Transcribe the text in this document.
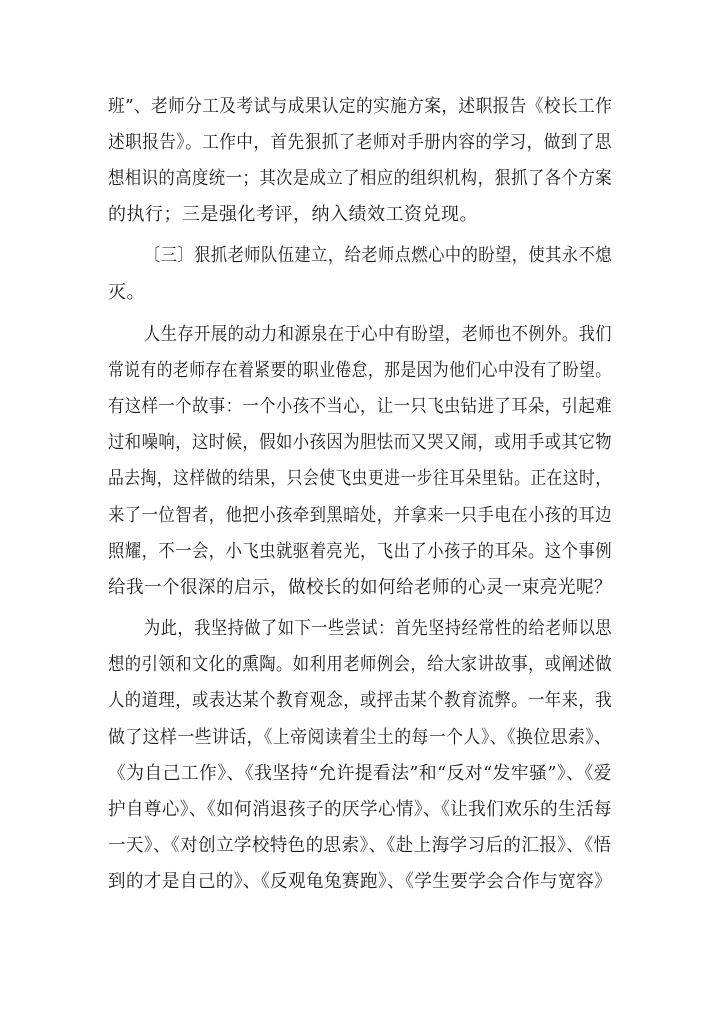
班”、老师分工及考试与成果认定的实施方案，述职报告《校长工作
述职报告》。工作中，首先狠抓了老师对手册内容的学习，做到了思
想相识的高度统一；其次是成立了相应的组织机构，狠抓了各个方案
的执行；三是强化考评，纳入绩效工资兑现。
〔三〕狠抓老师队伍建立，给老师点燃心中的盼望，使其永不熄
灭。
人生存开展的动力和源泉在于心中有盼望，老师也不例外。我们
常说有的老师存在着紧要的职业倦怠，那是因为他们心中没有了盼望。
有这样一个故事：一个小孩不当心，让一只飞虫钻进了耳朵，引起难
过和噪响，这时候，假如小孩因为胆怯而又哭又闹，或用手或其它物
品去掏，这样做的结果，只会使飞虫更进一步往耳朵里钻。正在这时，
来了一位智者，他把小孩牵到黑暗处，并拿来一只手电在小孩的耳边
照耀，不一会，小飞虫就驱着亮光，飞出了小孩子的耳朵。这个事例
给我一个很深的启示，做校长的如何给老师的心灵一束亮光呢？
为此，我坚持做了如下一些尝试：首先坚持经常性的给老师以思
想的引领和文化的熏陶。如利用老师例会，给大家讲故事，或阐述做
人的道理，或表达某个教育观念，或抨击某个教育流弊。一年来，我
做了这样一些讲话，《上帝阅读着尘土的每一个人》、《换位思索》、
《为自己工作》、《我坚持“允许提看法”和“反对“发牢骚”》、《爱
护自尊心》、《如何消退孩子的厌学心情》、《让我们欢乐的生活每
一天》、《对创立学校特色的思索》、《赴上海学习后的汇报》、《悟
到的才是自己的》、《反观龟兔赛跑》、《学生要学会合作与宽容》
